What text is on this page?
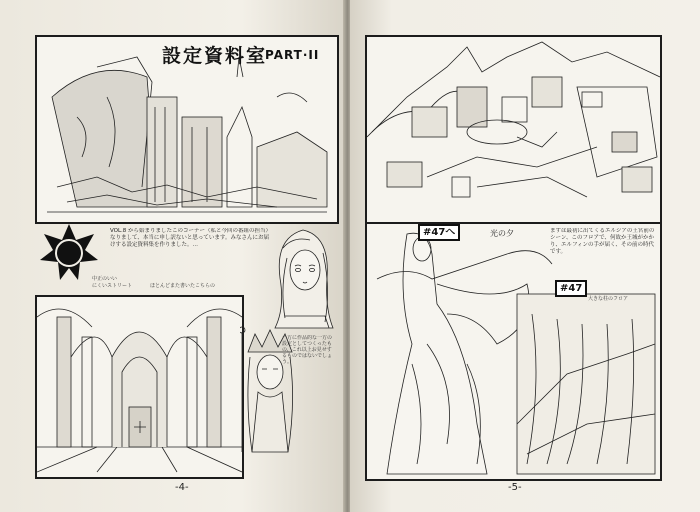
設定資料室
PART·II
VOL.8 から始まりましたこのコーナー（私と今回の番組の担当）なりまして、本当に申し訳ないと思っています。みなさんにお届けする設定資料集を作りました。…
中正のいい
にくいストリート	ほとんどまた書いたこちらの
一方に作品的な一方の設定としてつくったもの、これ以上お見せするものではないでしょう。
-4-
#47へ	光の夕	まずは最初に出てくるエルジアの王宮前のシーン、このフロアで、何故か王城がかかり、エルフィンの手が届く、その前の時代です。
#47
大きな柱のフロア
-5-
